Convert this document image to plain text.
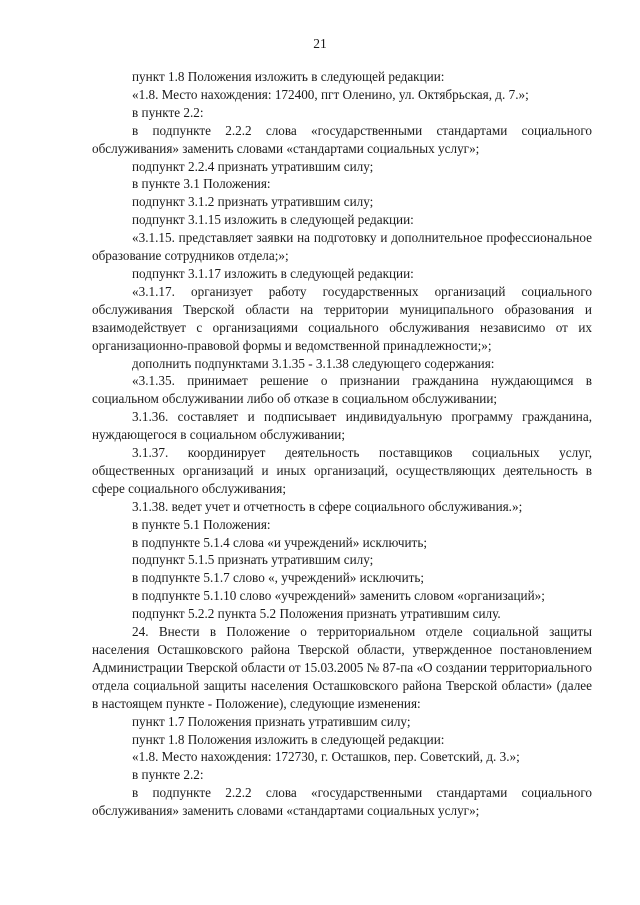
21

пункт 1.8 Положения изложить в следующей редакции:

«1.8. Место нахождения: 172400, пгт Оленино, ул. Октябрьская, д. 7.»;

в пункте 2.2:

в подпункте 2.2.2 слова «государственными стандартами социального обслуживания» заменить словами «стандартами социальных услуг»;

подпункт 2.2.4 признать утратившим силу;

в пункте 3.1 Положения:

подпункт 3.1.2 признать утратившим силу;

подпункт 3.1.15 изложить в следующей редакции:

«3.1.15. представляет заявки на подготовку и дополнительное профессиональное образование сотрудников отдела;»;

подпункт 3.1.17 изложить в следующей редакции:

«3.1.17. организует работу государственных организаций социального обслуживания Тверской области на территории муниципального образования и взаимодействует с организациями социального обслуживания независимо от их организационно-правовой формы и ведомственной принадлежности;»;

дополнить подпунктами 3.1.35 - 3.1.38 следующего содержания:

«3.1.35. принимает решение о признании гражданина нуждающимся в социальном обслуживании либо об отказе в социальном обслуживании;

3.1.36. составляет и подписывает индивидуальную программу гражданина, нуждающегося в социальном обслуживании;

3.1.37. координирует деятельность поставщиков социальных услуг, общественных организаций и иных организаций, осуществляющих деятельность в сфере социального обслуживания;

3.1.38. ведет учет и отчетность в сфере социального обслуживания.»;

в пункте 5.1 Положения:

в подпункте 5.1.4 слова «и учреждений» исключить;

подпункт 5.1.5 признать утратившим силу;

в подпункте 5.1.7 слово «, учреждений» исключить;

в подпункте 5.1.10 слово «учреждений» заменить словом «организаций»;

подпункт 5.2.2 пункта 5.2 Положения признать утратившим силу.

24. Внести в Положение о территориальном отделе социальной защиты населения Осташковского района Тверской области, утвержденное постановлением Администрации Тверской области от 15.03.2005 № 87-па «О создании территориального отдела социальной защиты населения Осташковского района Тверской области» (далее в настоящем пункте - Положение), следующие изменения:

пункт 1.7 Положения признать утратившим силу;

пункт 1.8 Положения изложить в следующей редакции:

«1.8. Место нахождения: 172730, г. Осташков, пер. Советский, д. 3.»;

в пункте 2.2:

в подпункте 2.2.2 слова «государственными стандартами социального обслуживания» заменить словами «стандартами социальных услуг»;
